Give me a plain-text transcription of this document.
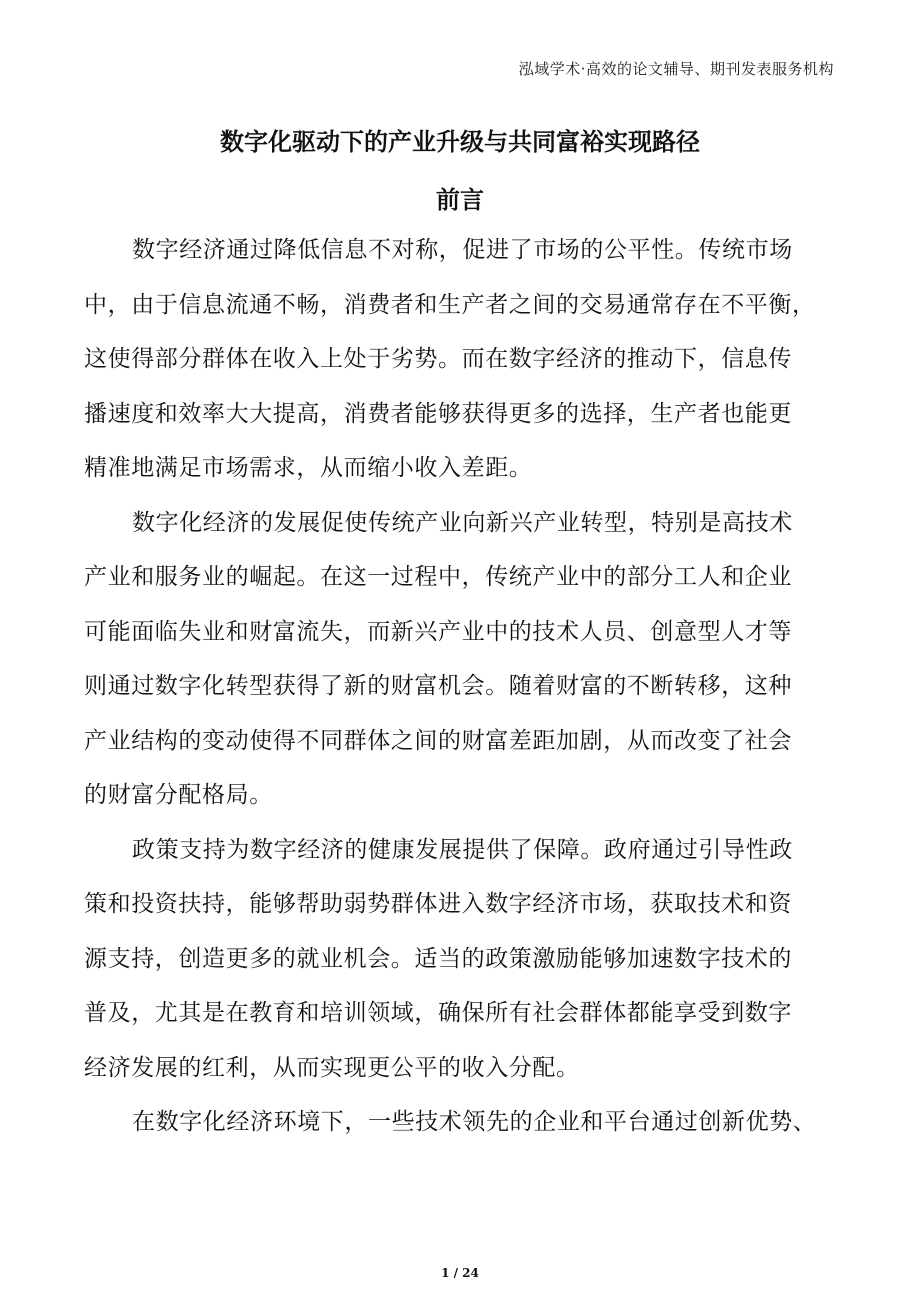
泓域学术·高效的论文辅导、期刊发表服务机构
数字化驱动下的产业升级与共同富裕实现路径
前言
数字经济通过降低信息不对称，促进了市场的公平性。传统市场
中，由于信息流通不畅，消费者和生产者之间的交易通常存在不平衡，
这使得部分群体在收入上处于劣势。而在数字经济的推动下，信息传
播速度和效率大大提高，消费者能够获得更多的选择，生产者也能更
精准地满足市场需求，从而缩小收入差距。
数字化经济的发展促使传统产业向新兴产业转型，特别是高技术
产业和服务业的崛起。在这一过程中，传统产业中的部分工人和企业
可能面临失业和财富流失，而新兴产业中的技术人员、创意型人才等
则通过数字化转型获得了新的财富机会。随着财富的不断转移，这种
产业结构的变动使得不同群体之间的财富差距加剧，从而改变了社会
的财富分配格局。
政策支持为数字经济的健康发展提供了保障。政府通过引导性政
策和投资扶持，能够帮助弱势群体进入数字经济市场，获取技术和资
源支持，创造更多的就业机会。适当的政策激励能够加速数字技术的
普及，尤其是在教育和培训领域，确保所有社会群体都能享受到数字
经济发展的红利，从而实现更公平的收入分配。
在数字化经济环境下，一些技术领先的企业和平台通过创新优势、
1 / 24
